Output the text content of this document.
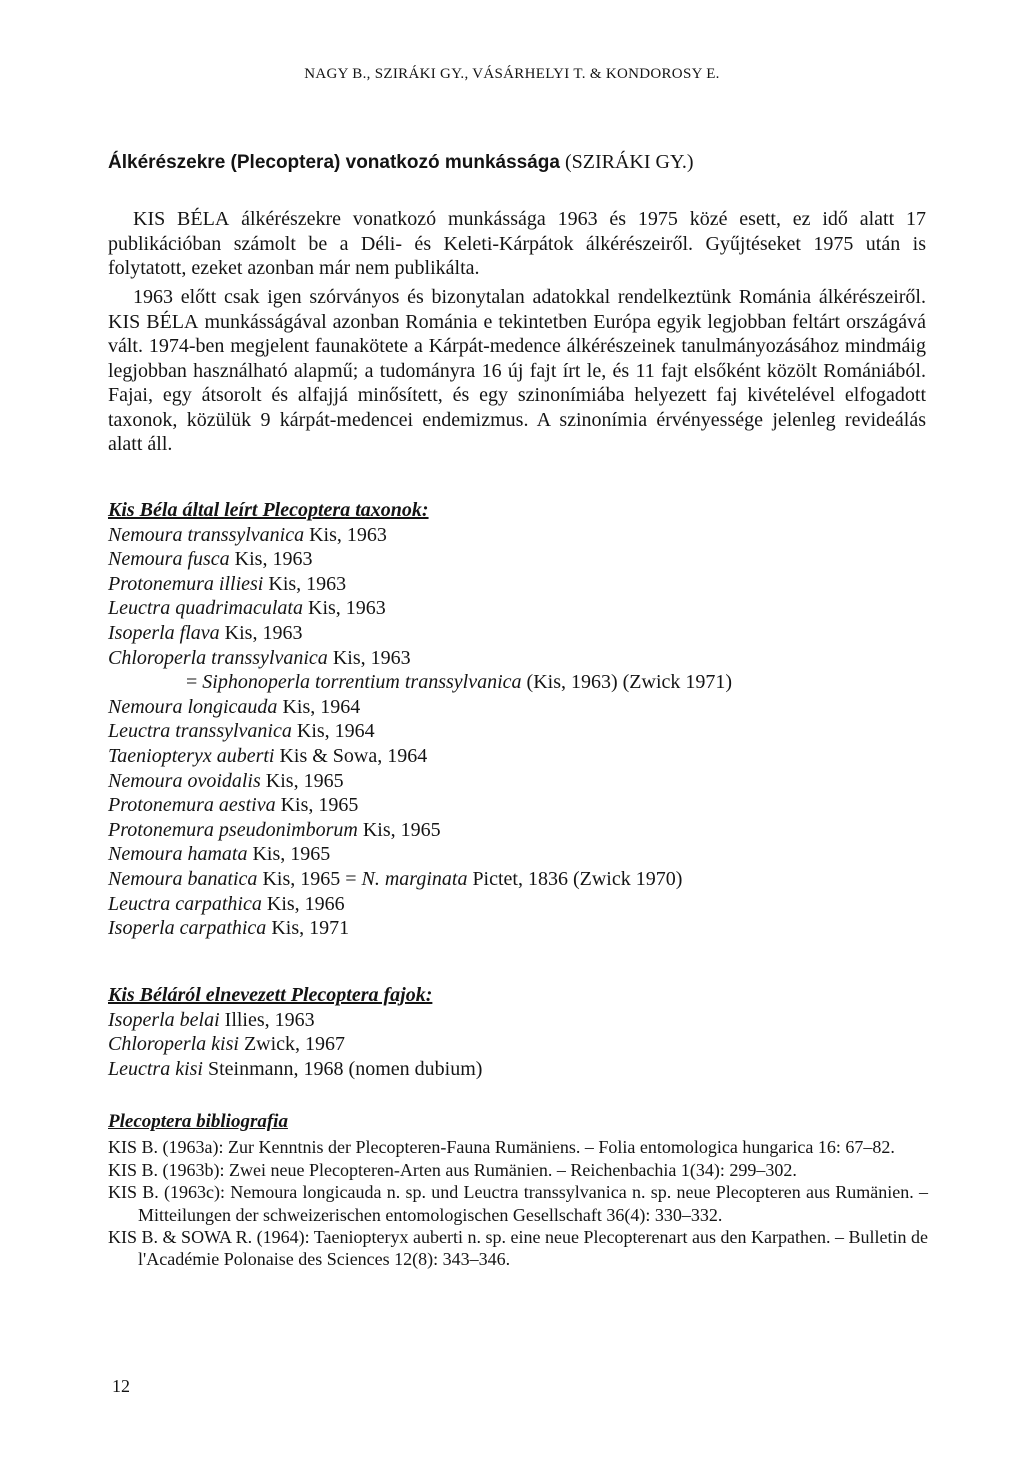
NAGY B., SZIRÁKI GY., VÁSÁRHELYI T. & KONDOROSY E.
Álkérészekre (Plecoptera) vonatkozó munkássága (SZIRÁKI GY.)

KIS BÉLA álkérészekre vonatkozó munkássága 1963 és 1975 közé esett, ez idő alatt 17 publikációban számolt be a Déli- és Keleti-Kárpátok álkérészeiről. Gyűjtéseket 1975 után is folytatott, ezeket azonban már nem publikálta.

1963 előtt csak igen szórványos és bizonytalan adatokkal rendelkeztünk Románia álkérészeiről. KIS BÉLA munkásságával azonban Románia e tekintetben Európa egyik legjobban feltárt országává vált. 1974-ben megjelent faunakötete a Kárpát-medence álkérészeinek tanulmányozásához mindmáig legjobban használható alapmű; a tudományra 16 új fajt írt le, és 11 fajt elsőként közölt Romániából. Fajai, egy átsorolt és alfajjá minősített, és egy szinonímiába helyezett faj kivételével elfogadott taxonok, közülük 9 kárpát-medencei endemizmus. A szinonímia érvényessége jelenleg revideálás alatt áll.

Kis Béla által leírt Plecoptera taxonok:
Nemoura transsylvanica Kis, 1963
Nemoura fusca Kis, 1963
Protonemura illiesi Kis, 1963
Leuctra quadrimaculata Kis, 1963
Isoperla flava Kis, 1963
Chloroperla transsylvanica Kis, 1963
= Siphonoperla torrentium transsylvanica (Kis, 1963) (Zwick 1971)
Nemoura longicauda Kis, 1964
Leuctra transsylvanica Kis, 1964
Taeniopteryx auberti Kis & Sowa, 1964
Nemoura ovoidalis Kis, 1965
Protonemura aestiva Kis, 1965
Protonemura pseudonimborum Kis, 1965
Nemoura hamata Kis, 1965
Nemoura banatica Kis, 1965 = N. marginata Pictet, 1836 (Zwick 1970)
Leuctra carpathica Kis, 1966
Isoperla carpathica Kis, 1971
Kis Béláról elnevezett Plecoptera fajok:
Isoperla belai Illies, 1963
Chloroperla kisi Zwick, 1967
Leuctra kisi Steinmann, 1968 (nomen dubium)
Plecoptera bibliografia
KIS B. (1963a): Zur Kenntnis der Plecopteren-Fauna Rumäniens. – Folia entomologica hungarica 16: 67–82.
KIS B. (1963b): Zwei neue Plecopteren-Arten aus Rumänien. – Reichenbachia 1(34): 299–302.
KIS B. (1963c): Nemoura longicauda n. sp. und Leuctra transsylvanica n. sp. neue Plecopteren aus Rumänien. – Mitteilungen der schweizerischen entomologischen Gesellschaft 36(4): 330–332.
KIS B. & SOWA R. (1964): Taeniopteryx auberti n. sp. eine neue Plecopterenart aus den Karpathen. – Bulletin de l'Académie Polonaise des Sciences 12(8): 343–346.
12
